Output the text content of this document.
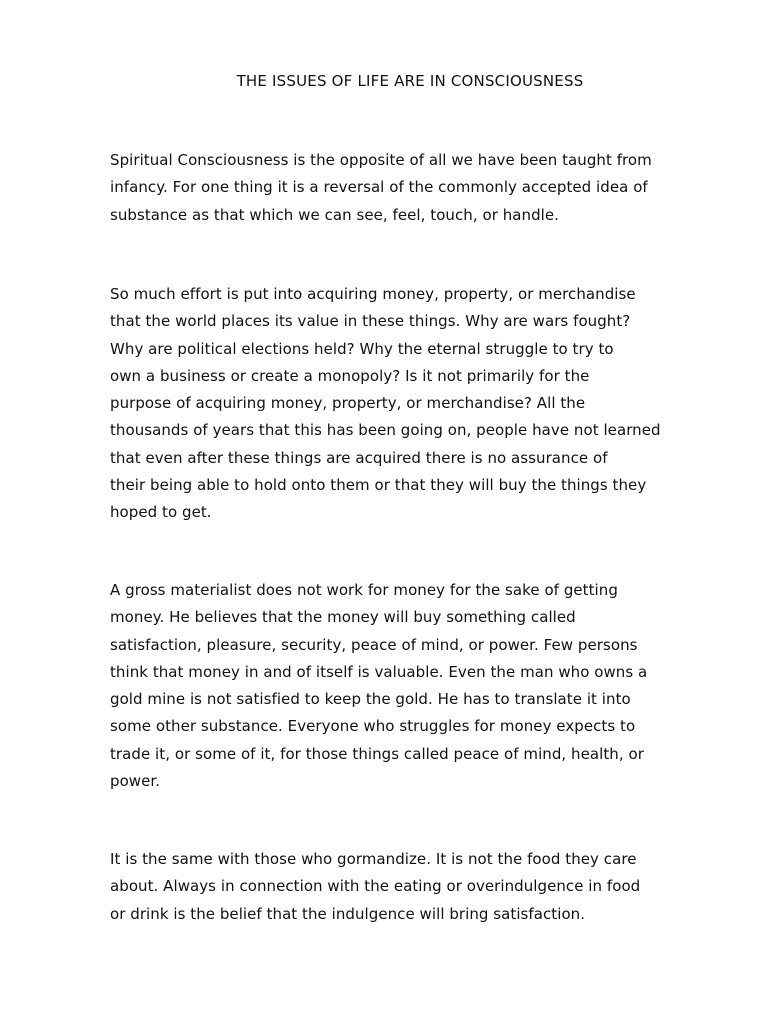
THE ISSUES OF LIFE ARE IN CONSCIOUSNESS
Spiritual Consciousness is the opposite of all we have been taught from
infancy. For one thing it is a reversal of the commonly accepted idea of
substance as that which we can see, feel, touch, or handle.
So much effort is put into acquiring money, property, or merchandise
that the world places its value in these things. Why are wars fought?
Why are political elections held? Why the eternal struggle to try to
own a business or create a monopoly? Is it not primarily for the
purpose of acquiring money, property, or merchandise? All the
thousands of years that this has been going on, people have not learned
that even after these things are acquired there is no assurance of
their being able to hold onto them or that they will buy the things they
hoped to get.
A gross materialist does not work for money for the sake of getting
money. He believes that the money will buy something called
satisfaction, pleasure, security, peace of mind, or power. Few persons
think that money in and of itself is valuable. Even the man who owns a
gold mine is not satisfied to keep the gold. He has to translate it into
some other substance. Everyone who struggles for money expects to
trade it, or some of it, for those things called peace of mind, health, or
power.
It is the same with those who gormandize. It is not the food they care
about. Always in connection with the eating or overindulgence in food
or drink is the belief that the indulgence will bring satisfaction.
